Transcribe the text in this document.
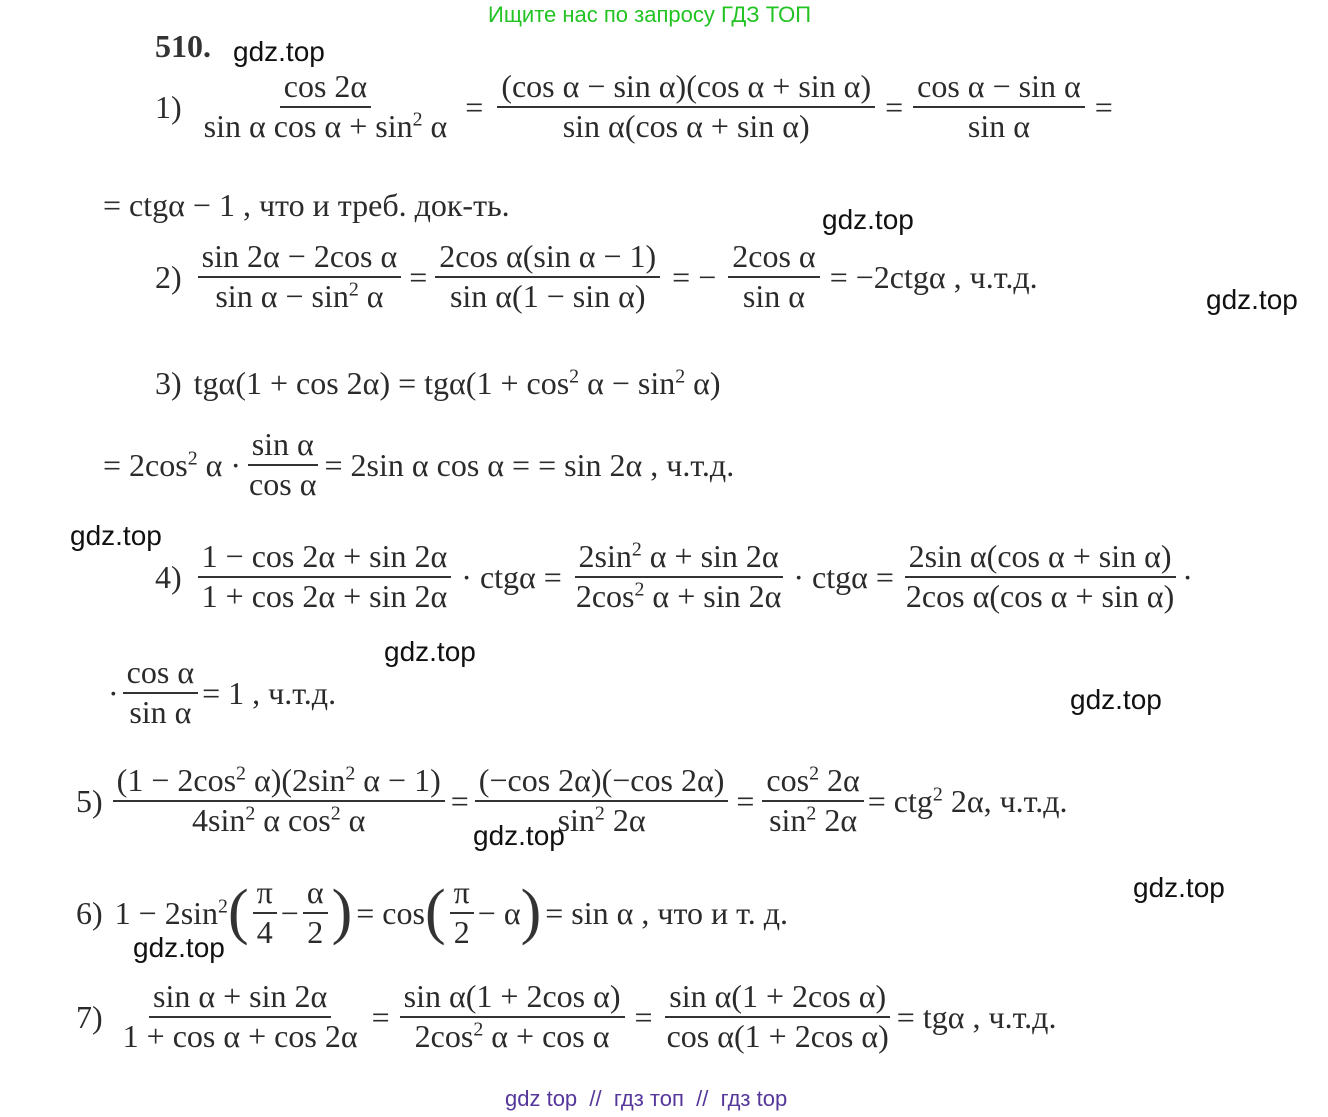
Ищите нас по запросу ГДЗ ТОП
510.
$1) \frac{\cos 2\alpha}{\sin \alpha \cos \alpha + \sin^2 \alpha} = \frac{\text{(cos α − sin α)(cos α + sin α)}}{\text{sin α(cos α + sin α)}} = \frac{\text{cos α − sin α}}{\text{sin α}}$ =
= ctgα − 1 , что и треб. док-ть.
$2) \frac{\text{sin 2α − 2cos α}}{\sin \alpha - \sin^2 \alpha} = \frac{\text{2cos α(sin α − 1)}}{\text{sin α(1 − sin α)}}$ = − $\frac{\text{2cos α}}{\text{sin α}} = -2ctg\alpha$ , ч.т.д.
3) $tg\alpha(1 + \cos 2\alpha) = tg\alpha(1 + \cos^2 \alpha - \sin^2 \alpha)$
= $2\cos^2$ $\alpha \cdot \frac{\text{sin α}}{\text{cos α}} = 2\sin$ α cos α = = sin 2α , ч.т.д.
$4) \frac{1 - \cos 2\alpha + \sin 2\alpha}{1 + \cos 2\alpha + \sin 2\alpha} \cdot ctg\alpha = \frac{2\sin^2 \alpha + \sin 2\alpha}{2\cos^2 \alpha + \sin 2\alpha} \cdot ctg\alpha = \frac{\text{2sin α(cos α + sin α)}}{\text{2cos α(cos α + sin α)}}$ ·
· $\frac{\text{cos α}}{\text{sin α}} = 1$ , ч.т.д.
$5) \frac{(1 - 2\cos^2 \alpha)(2\sin^2 \alpha - 1)}{4\sin^2 \alpha \cos^2 \alpha} = \frac{(-\cos 2\alpha)(-\cos 2\alpha)}{\sin^2 2\alpha} = \frac{\cos^2 2\alpha}{\sin^2 2\alpha} = ctg^2$ 2α, ч.т.д.
6) $1 - 2\sin^2$ ( $\frac{\pi}{4} - \frac{\alpha}{2}$ ) = cos ( $\frac{\pi}{2} - \alpha$ ) = sin α , что и т. д.
$7) \frac{\text{sin α + sin 2α}}{\text{1 + cos α + cos 2α}} = \frac{\text{sin α(1 + 2cos α)}}{2\cos^2 \alpha + \cos \alpha} = \frac{\text{sin α(1 + 2cos α)}}{\text{cos α(1 + 2cos α)}} = tg\alpha$ , ч.т.д.
gdz.top
gdz.top
gdz.top
gdz.top
gdz.top
gdz.top
gdz.top
gdz.top
gdz.top
gdz top  //  гдз топ  //  гдз top
